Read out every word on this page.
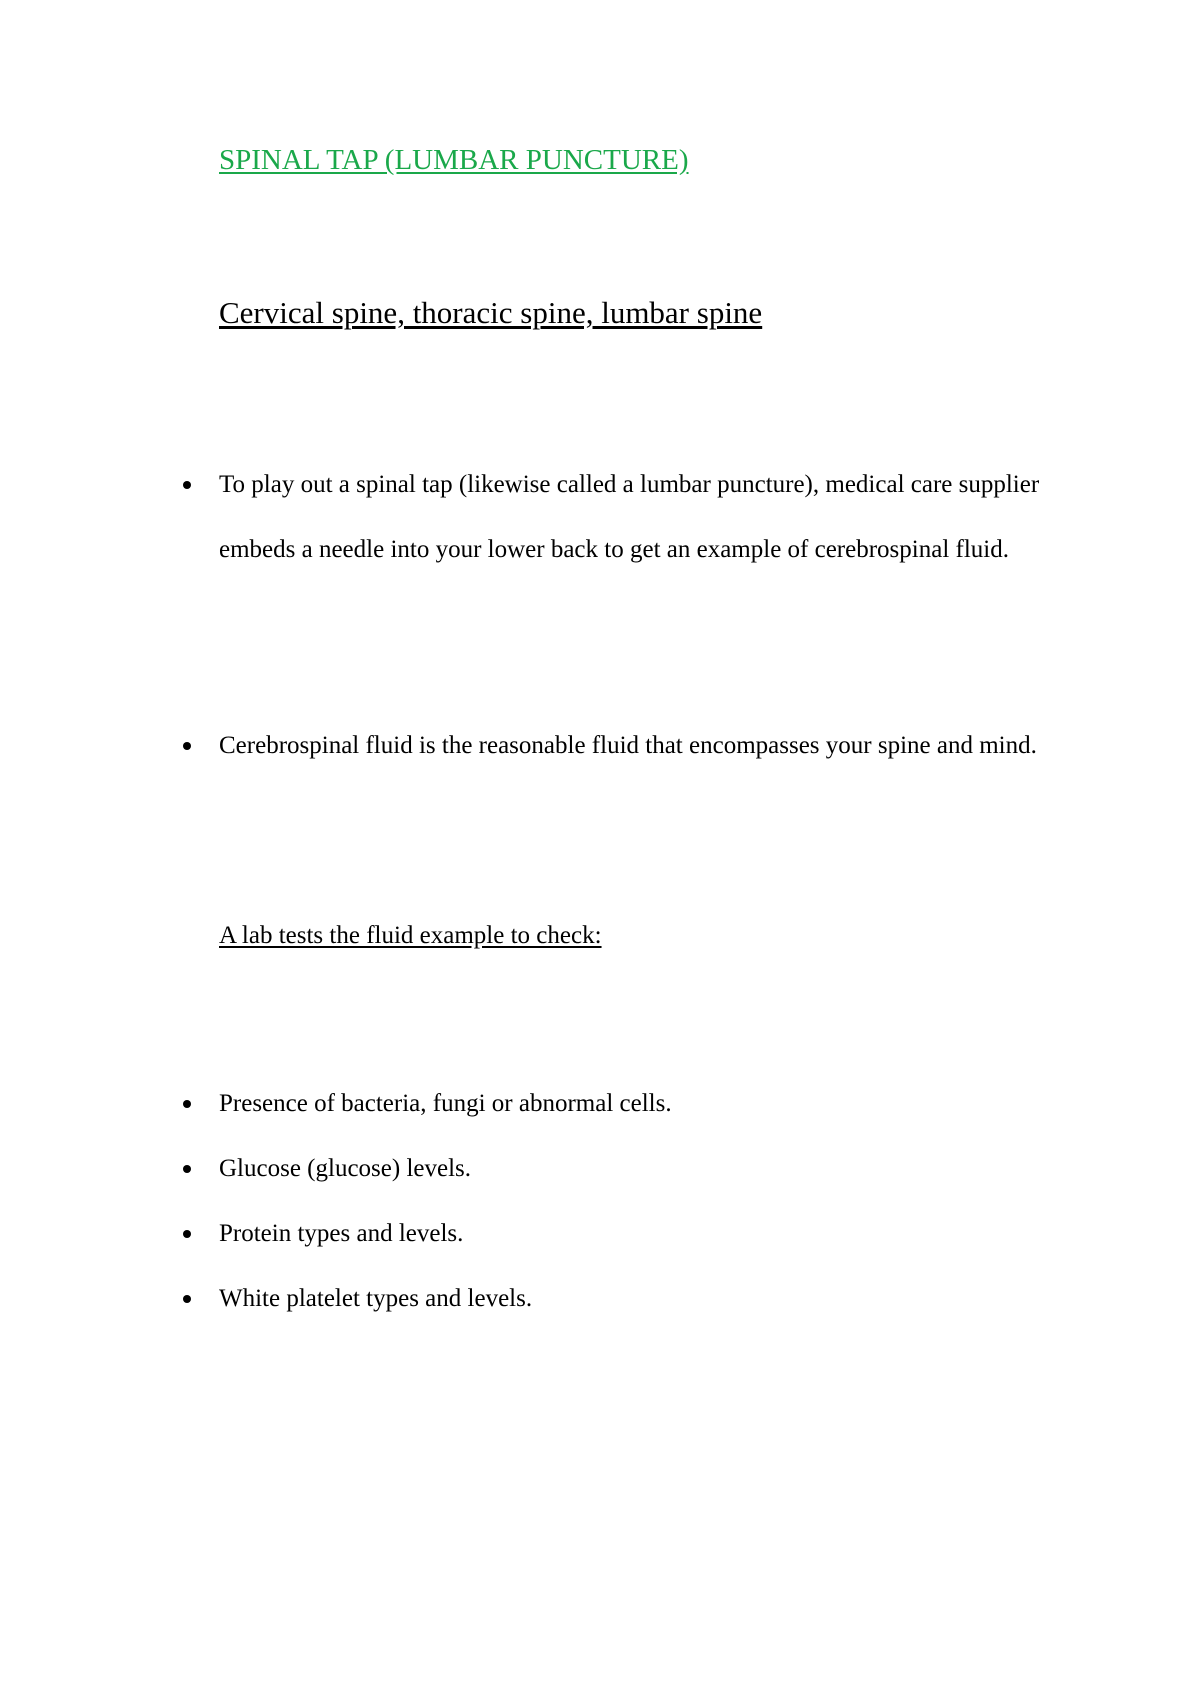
SPINAL TAP (LUMBAR PUNCTURE)
Cervical spine, thoracic spine, lumbar spine
To play out a spinal tap (likewise called a lumbar puncture), medical care supplier embeds a needle into your lower back to get an example of cerebrospinal fluid.
Cerebrospinal fluid is the reasonable fluid that encompasses your spine and mind.
A lab tests the fluid example to check:
Presence of bacteria, fungi or abnormal cells.
Glucose (glucose) levels.
Protein types and levels.
White platelet types and levels.
